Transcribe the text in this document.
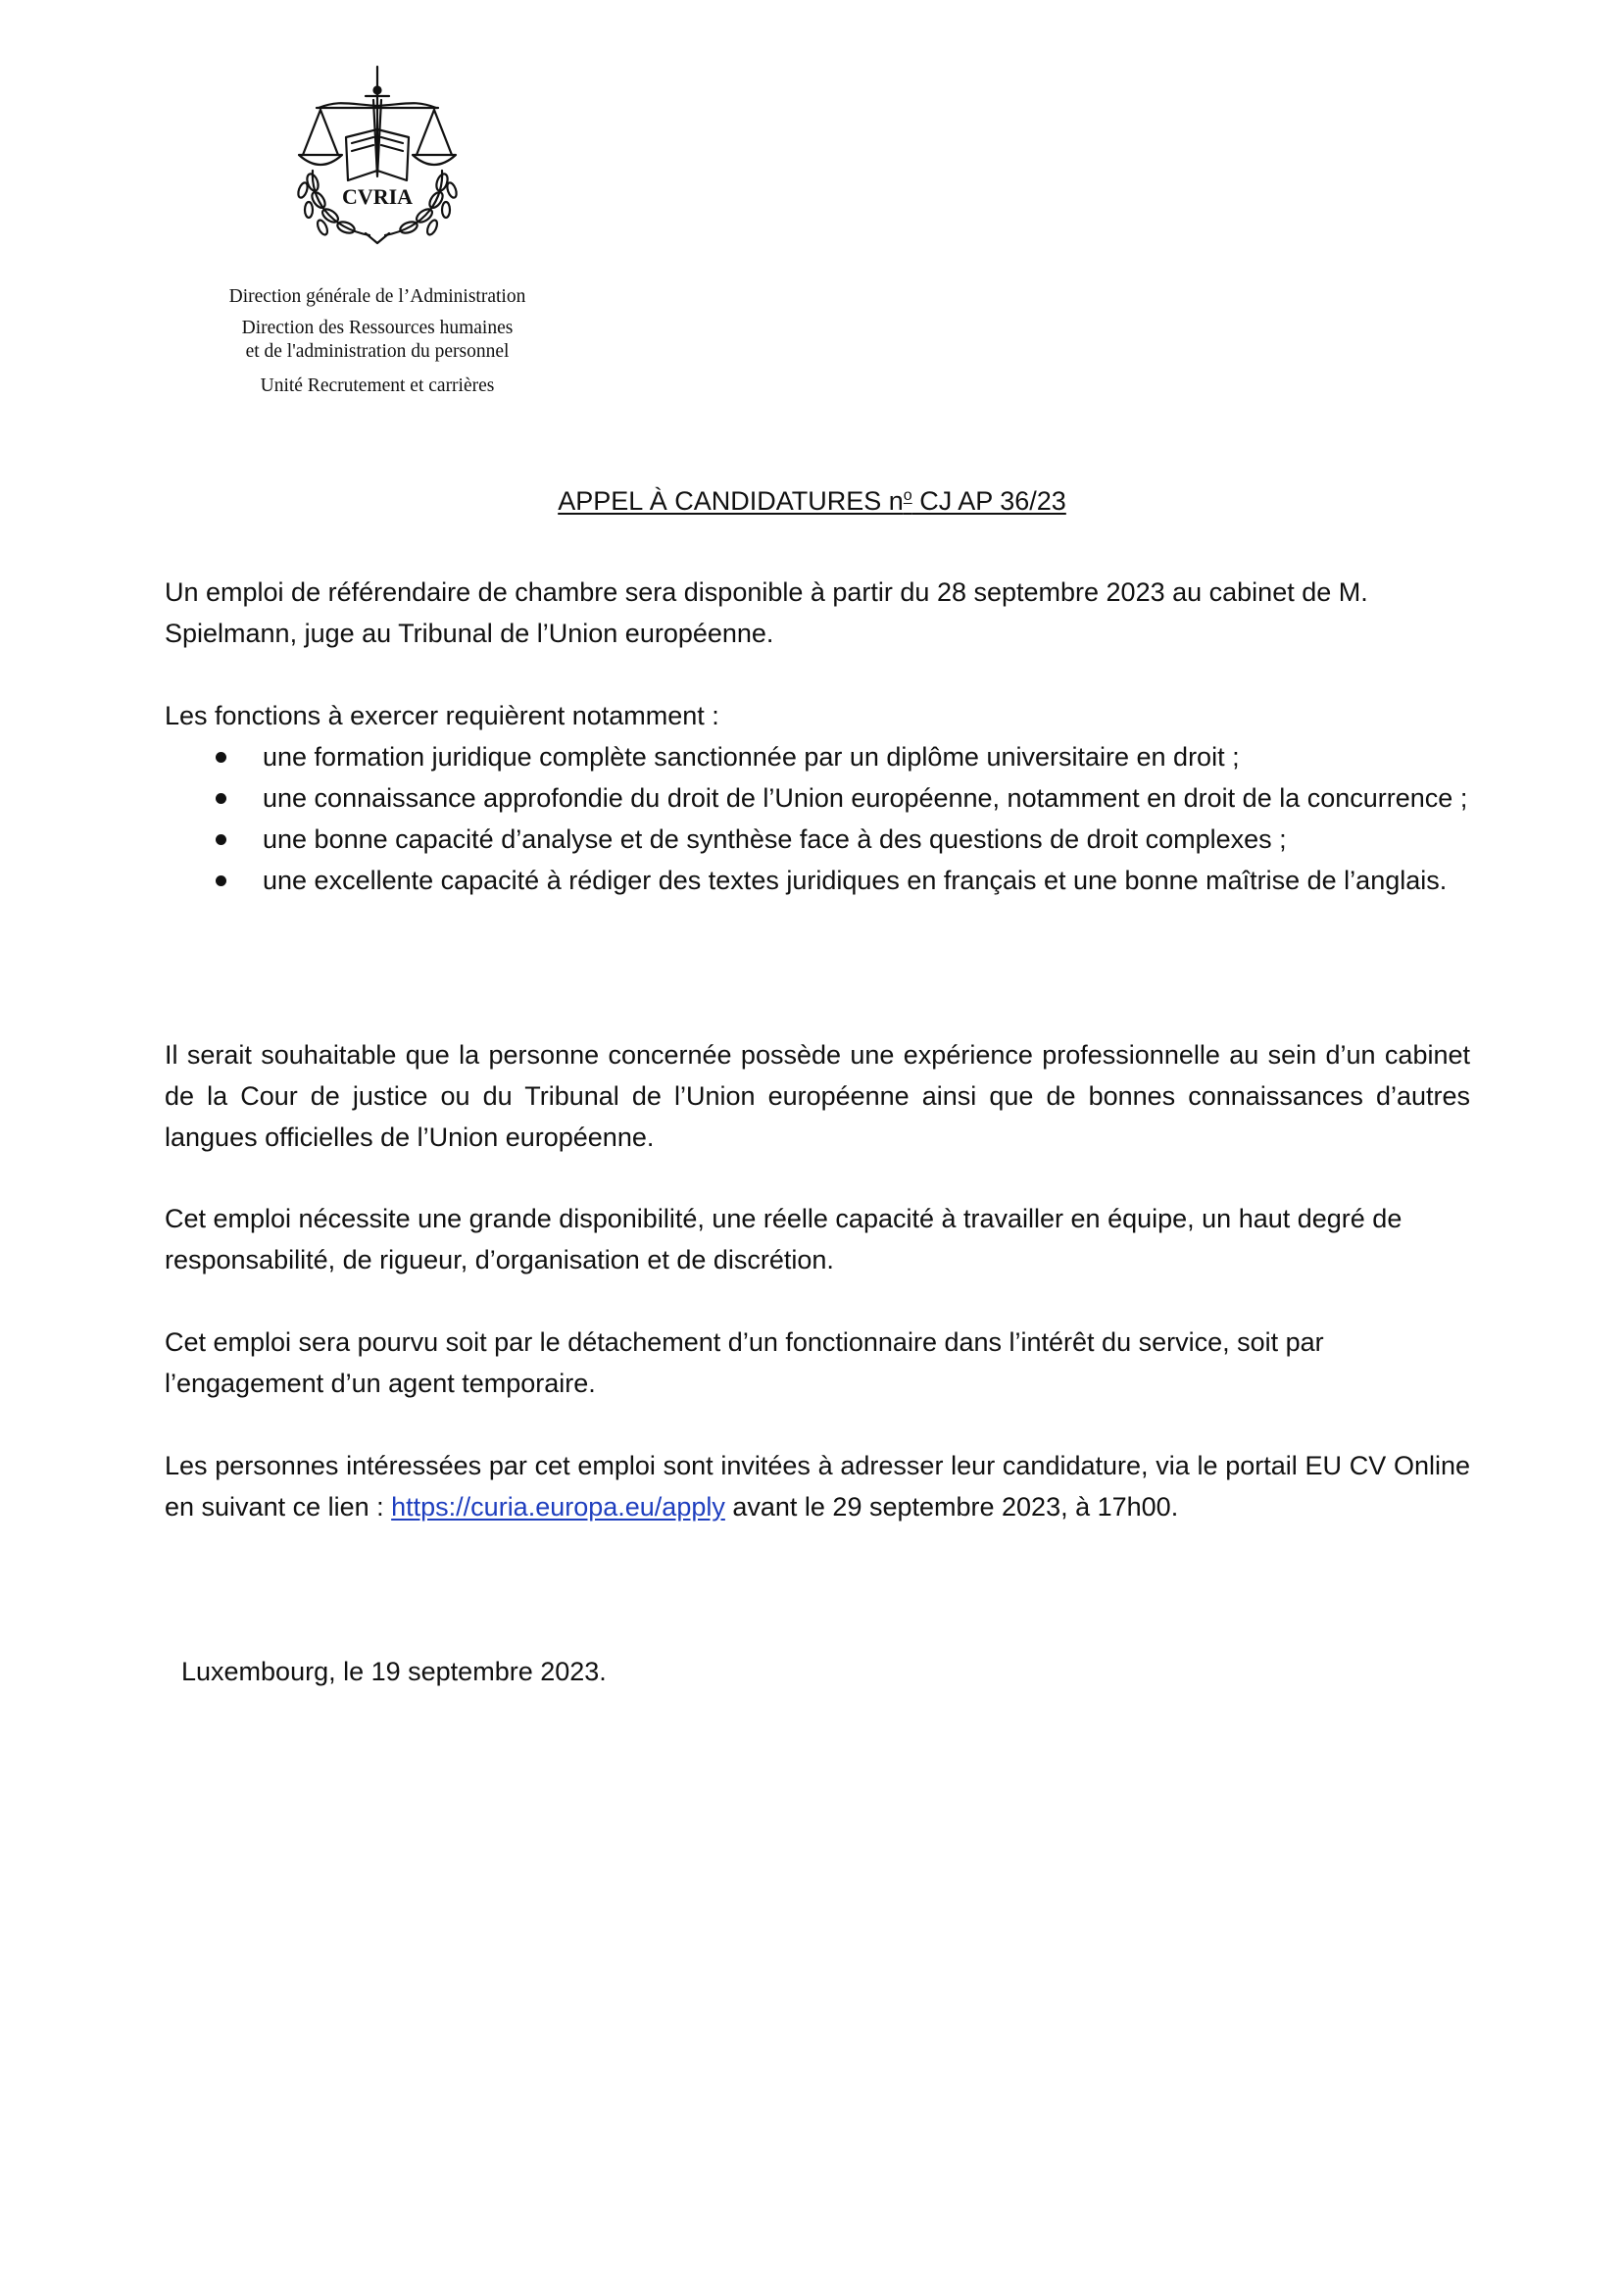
CVRIA
Direction générale de l’Administration
Direction des Ressources humaines
et de l'administration du personnel
Unité Recrutement et carrières
APPEL À CANDIDATURES $n^o$ CJ AP 36/23

Un emploi de référendaire de chambre sera disponible à partir du 28 septembre 2023 au cabinet de M. Spielmann, juge au Tribunal de l’Union européenne.

Les fonctions à exercer requièrent notamment :

une formation juridique complète sanctionnée par un diplôme universitaire en droit ;
une connaissance approfondie du droit de l’Union européenne, notamment en droit de la concurrence ;
une bonne capacité d’analyse et de synthèse face à des questions de droit complexes ;
une excellente capacité à rédiger des textes juridiques en français et une bonne maîtrise de l’anglais.

Il serait souhaitable que la personne concernée possède une expérience professionnelle au sein d’un cabinet de la Cour de justice ou du Tribunal de l’Union européenne ainsi que de bonnes connaissances d’autres langues officielles de l’Union européenne.

Cet emploi nécessite une grande disponibilité, une réelle capacité à travailler en équipe, un haut degré de responsabilité, de rigueur, d’organisation et de discrétion.

Cet emploi sera pourvu soit par le détachement d’un fonctionnaire dans l’intérêt du service, soit par l’engagement d’un agent temporaire.

Les personnes intéressées par cet emploi sont invitées à adresser leur candidature, via le portail EU CV Online en suivant ce lien : https://curia.europa.eu/apply avant le 29 septembre 2023, à 17h00.

Luxembourg, le 19 septembre 2023.
